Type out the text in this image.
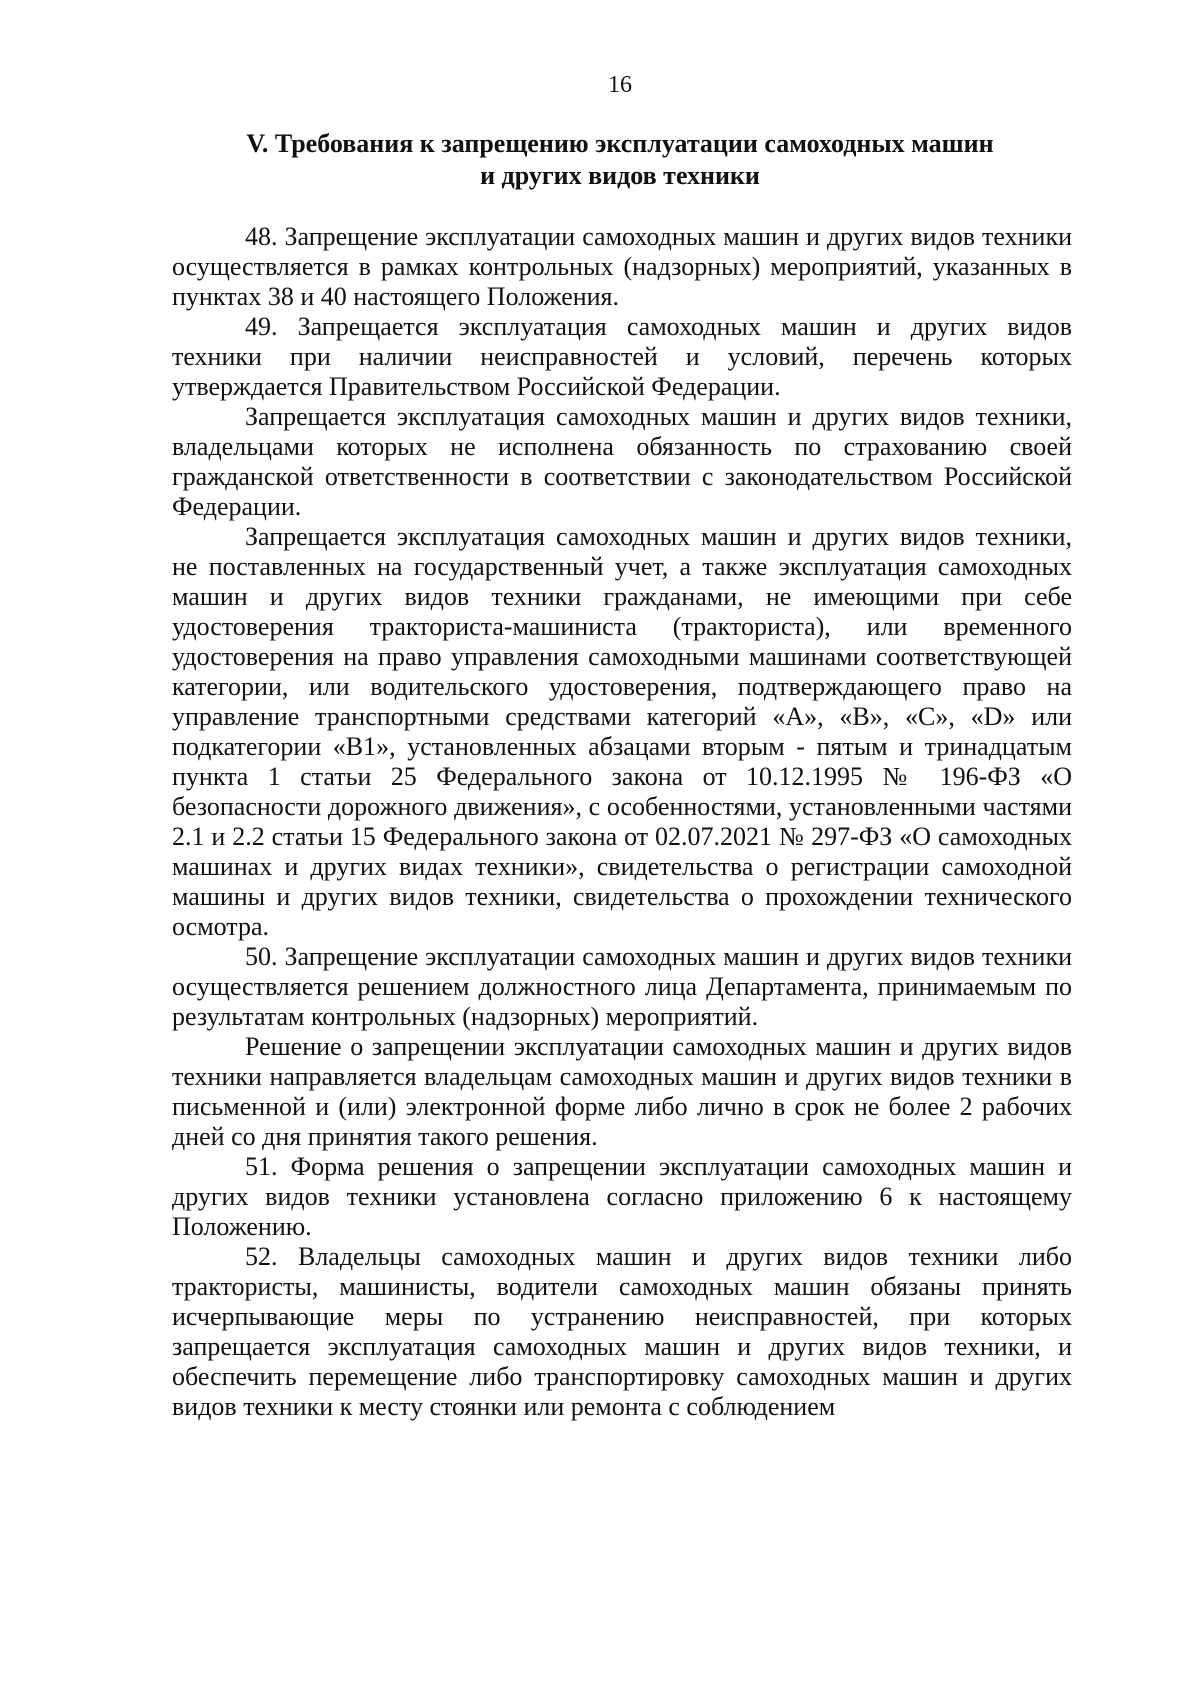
16
V. Требования к запрещению эксплуатации самоходных машин
и других видов техники

48. Запрещение эксплуатации самоходных машин и других видов техники осуществляется в рамках контрольных (надзорных) мероприятий, указанных в пунктах 38 и 40 настоящего Положения.

49. Запрещается эксплуатация самоходных машин и других видов техники при наличии неисправностей и условий, перечень которых утверждается Правительством Российской Федерации.

Запрещается эксплуатация самоходных машин и других видов техники, владельцами которых не исполнена обязанность по страхованию своей гражданской ответственности в соответствии с законодательством Российской Федерации.

Запрещается эксплуатация самоходных машин и других видов техники, не поставленных на государственный учет, а также эксплуатация самоходных машин и других видов техники гражданами, не имеющими при себе удостоверения тракториста-машиниста (тракториста), или временного удостоверения на право управления самоходными машинами соответствующей категории, или водительского удостоверения, подтверждающего право на управление транспортными средствами категорий «А», «В», «С», «D» или подкатегории «В1», установленных абзацами вторым - пятым и тринадцатым пункта 1 статьи 25 Федерального закона от 10.12.1995 № 196-ФЗ «О безопасности дорожного движения», с особенностями, установленными частями 2.1 и 2.2 статьи 15 Федерального закона от 02.07.2021 № 297-ФЗ «О самоходных машинах и других видах техники», свидетельства о регистрации самоходной машины и других видов техники, свидетельства о прохождении технического осмотра.

50. Запрещение эксплуатации самоходных машин и других видов техники осуществляется решением должностного лица Департамента, принимаемым по результатам контрольных (надзорных) мероприятий.

Решение о запрещении эксплуатации самоходных машин и других видов техники направляется владельцам самоходных машин и других видов техники в письменной и (или) электронной форме либо лично в срок не более 2 рабочих дней со дня принятия такого решения.

51. Форма решения о запрещении эксплуатации самоходных машин и других видов техники установлена согласно приложению 6 к настоящему Положению.

52. Владельцы самоходных машин и других видов техники либо трактористы, машинисты, водители самоходных машин обязаны принять исчерпывающие меры по устранению неисправностей, при которых запрещается эксплуатация самоходных машин и других видов техники, и обеспечить перемещение либо транспортировку самоходных машин и других видов техники к месту стоянки или ремонта с соблюдением
